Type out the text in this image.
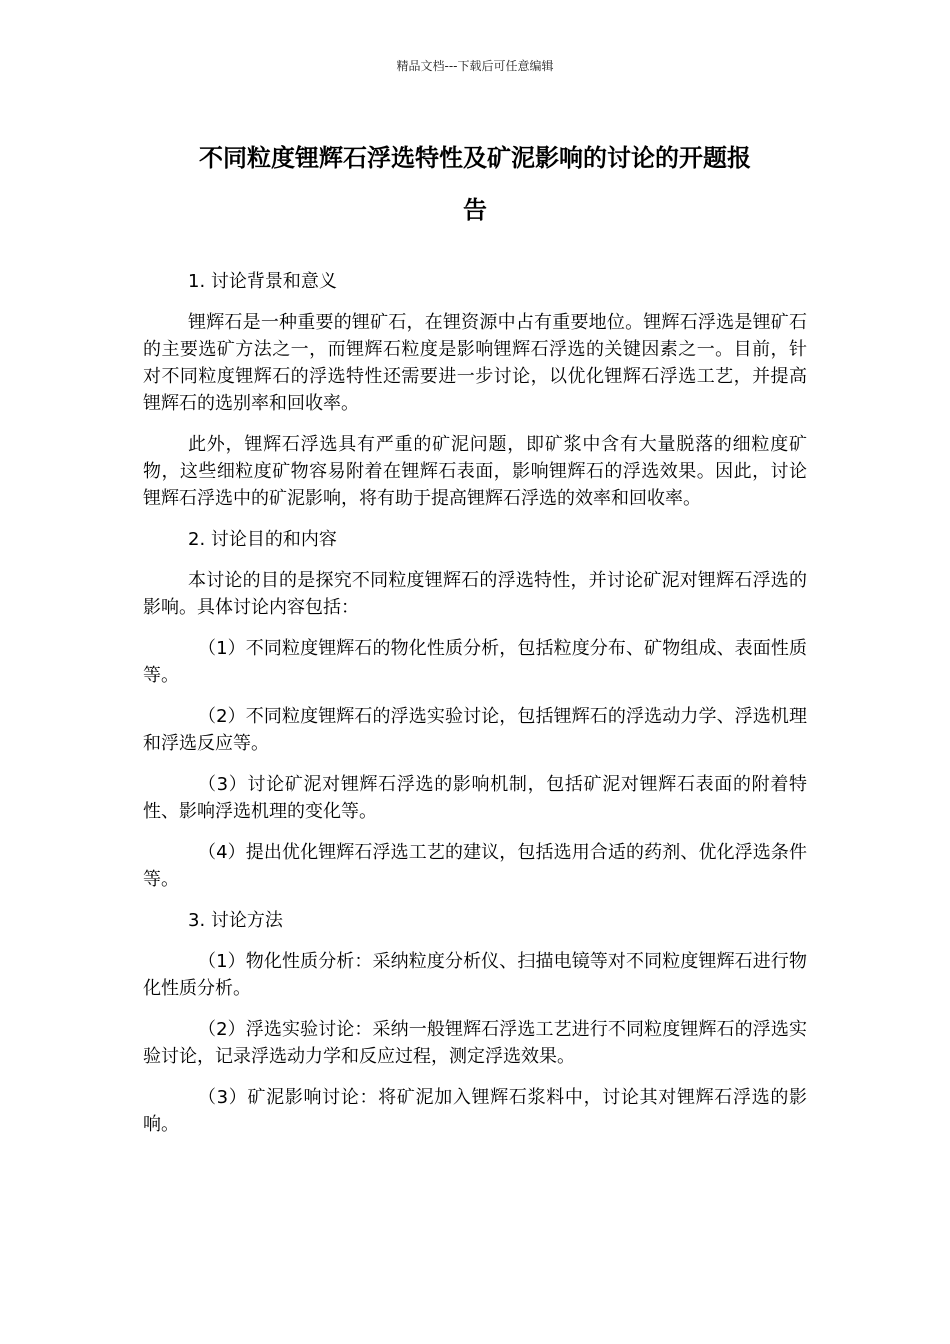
精品文档---下载后可任意编辑
不同粒度锂辉石浮选特性及矿泥影响的讨论的开题报
告

1. 讨论背景和意义

锂辉石是一种重要的锂矿石，在锂资源中占有重要地位。锂辉石浮选是锂矿石的主要选矿方法之一，而锂辉石粒度是影响锂辉石浮选的关键因素之一。目前，针对不同粒度锂辉石的浮选特性还需要进一步讨论，以优化锂辉石浮选工艺，并提高锂辉石的选别率和回收率。

此外，锂辉石浮选具有严重的矿泥问题，即矿浆中含有大量脱落的细粒度矿物，这些细粒度矿物容易附着在锂辉石表面，影响锂辉石的浮选效果。因此，讨论锂辉石浮选中的矿泥影响，将有助于提高锂辉石浮选的效率和回收率。

2. 讨论目的和内容

本讨论的目的是探究不同粒度锂辉石的浮选特性，并讨论矿泥对锂辉石浮选的影响。具体讨论内容包括：

（1）不同粒度锂辉石的物化性质分析，包括粒度分布、矿物组成、表面性质等。

（2）不同粒度锂辉石的浮选实验讨论，包括锂辉石的浮选动力学、浮选机理和浮选反应等。

（3）讨论矿泥对锂辉石浮选的影响机制，包括矿泥对锂辉石表面的附着特性、影响浮选机理的变化等。

（4）提出优化锂辉石浮选工艺的建议，包括选用合适的药剂、优化浮选条件等。

3. 讨论方法

（1）物化性质分析：采纳粒度分析仪、扫描电镜等对不同粒度锂辉石进行物化性质分析。

（2）浮选实验讨论：采纳一般锂辉石浮选工艺进行不同粒度锂辉石的浮选实验讨论，记录浮选动力学和反应过程，测定浮选效果。

（3）矿泥影响讨论：将矿泥加入锂辉石浆料中，讨论其对锂辉石浮选的影响。
